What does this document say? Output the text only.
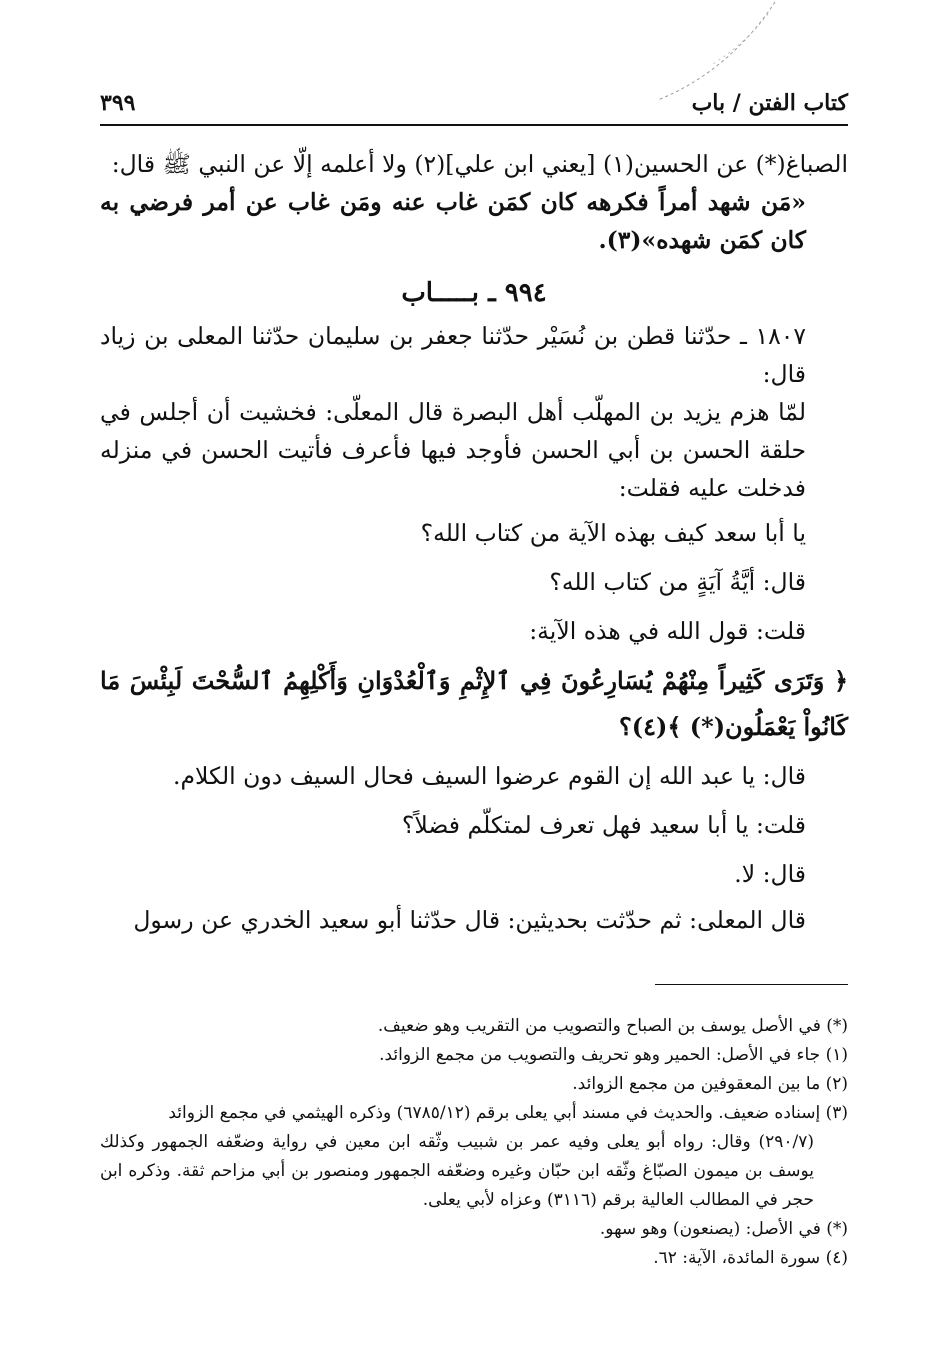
كتاب الفتن / باب
٣٩٩

الصباغ(*) عن الحسين(١) [يعني ابن علي](٢) ولا أعلمه إلّا عن النبي ﷺ قال:

«مَن شهد أمراً فكرهه كان كمَن غاب عنه ومَن غاب عن أمر فرضي به كان كمَن شهده»(٣).

٩٩٤ ـ بـــــاب

١٨٠٧ ـ حدّثنا قطن بن نُسَيْر حدّثنا جعفر بن سليمان حدّثنا المعلى بن زياد قال:

لمّا هزم يزيد بن المهلّب أهل البصرة قال المعلّى: فخشيت أن أجلس في حلقة الحسن بن أبي الحسن فأوجد فيها فأعرف فأتيت الحسن في منزله فدخلت عليه فقلت:

يا أبا سعد كيف بهذه الآية من كتاب الله؟

قال: أيَّةُ آيَةٍ من كتاب الله؟

قلت: قول الله في هذه الآية:

﴿ وَتَرَى كَثِيراً مِنْهُمْ يُسَارِعُونَ فِي ٱلإِثْمِ وَٱلْعُدْوَانِ وَأَكْلِهِمُ ٱلسُّحْتَ لَبِئْسَ مَا كَانُواْ يَعْمَلُون(*) ﴾(٤)؟

قال: يا عبد الله إن القوم عرضوا السيف فحال السيف دون الكلام.

قلت: يا أبا سعيد فهل تعرف لمتكلّم فضلاً؟

قال: لا.

قال المعلى: ثم حدّثت بحديثين: قال حدّثنا أبو سعيد الخدري عن رسول

(*) في الأصل يوسف بن الصباح والتصويب من التقريب وهو ضعيف.

(١) جاء في الأصل: الحمير وهو تحريف والتصويب من مجمع الزوائد.

(٢) ما بين المعقوفين من مجمع الزوائد.

(٣) إسناده ضعيف. والحديث في مسند أبي يعلى برقم (٦٧٨٥/١٢) وذكره الهيثمي في مجمع الزوائد

(٢٩٠/٧) وقال: رواه أبو يعلى وفيه عمر بن شبيب وثّقه ابن معين في رواية وضعّفه الجمهور وكذلك يوسف بن ميمون الصبّاغ وثّقه ابن حبّان وغيره وضعّفه الجمهور ومنصور بن أبي مزاحم ثقة. وذكره ابن حجر في المطالب العالية برقم (٣١١٦) وعزاه لأبي يعلى.

(*) في الأصل: (يصنعون) وهو سهو.

(٤) سورة المائدة، الآية: ٦٢.
